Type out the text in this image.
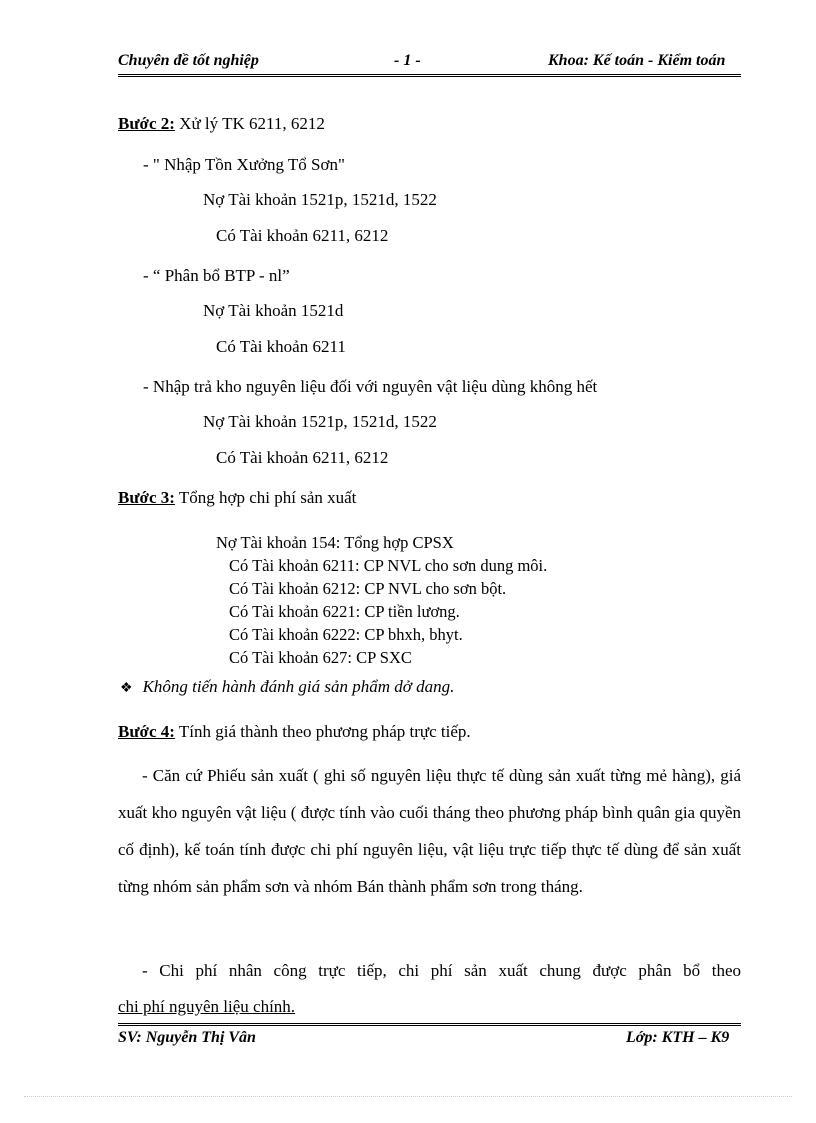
Chuyên đề tốt nghiệp	- 1 -	Khoa: Kế toán - Kiểm toán
Bước 2: Xử lý TK 6211, 6212
- " Nhập Tồn Xưởng Tổ Sơn"
Nợ Tài khoản 1521p, 1521d, 1522
Có Tài khoản 6211, 6212
- “ Phân bổ BTP - nl”
Nợ Tài khoản 1521d
Có Tài khoản 6211
- Nhập trả kho nguyên liệu đối với nguyên vật liệu dùng không hết
Nợ Tài khoản 1521p, 1521d, 1522
Có Tài khoản 6211, 6212
Bước 3: Tổng hợp chi phí sản xuất
Nợ Tài khoản 154: Tổng hợp CPSX
Có Tài khoản 6211: CP NVL cho sơn dung môi.
Có Tài khoản 6212: CP NVL cho sơn bột.
Có Tài khoản 6221: CP tiền lương.
Có Tài khoản 6222: CP bhxh, bhyt.
Có Tài khoản 627: CP SXC
❖ Không tiến hành đánh giá sản phẩm dở dang.
Bước 4: Tính giá thành theo phương pháp trực tiếp.
- Căn cứ Phiếu sản xuất ( ghi số nguyên liệu thực tế dùng sản xuất từng mẻ hàng), giá xuất kho nguyên vật liệu ( được tính vào cuối tháng theo phương pháp bình quân gia quyền cố định), kế toán tính được chi phí nguyên liệu, vật liệu trực tiếp thực tế dùng để sản xuất từng nhóm sản phẩm sơn và nhóm Bán thành phẩm sơn trong tháng.
- Chi phí nhân công trực tiếp, chi phí sản xuất chung được phân bổ theo
chi phí nguyên liệu chính.
SV: Nguyễn Thị Vân	Lớp: KTH – K9
